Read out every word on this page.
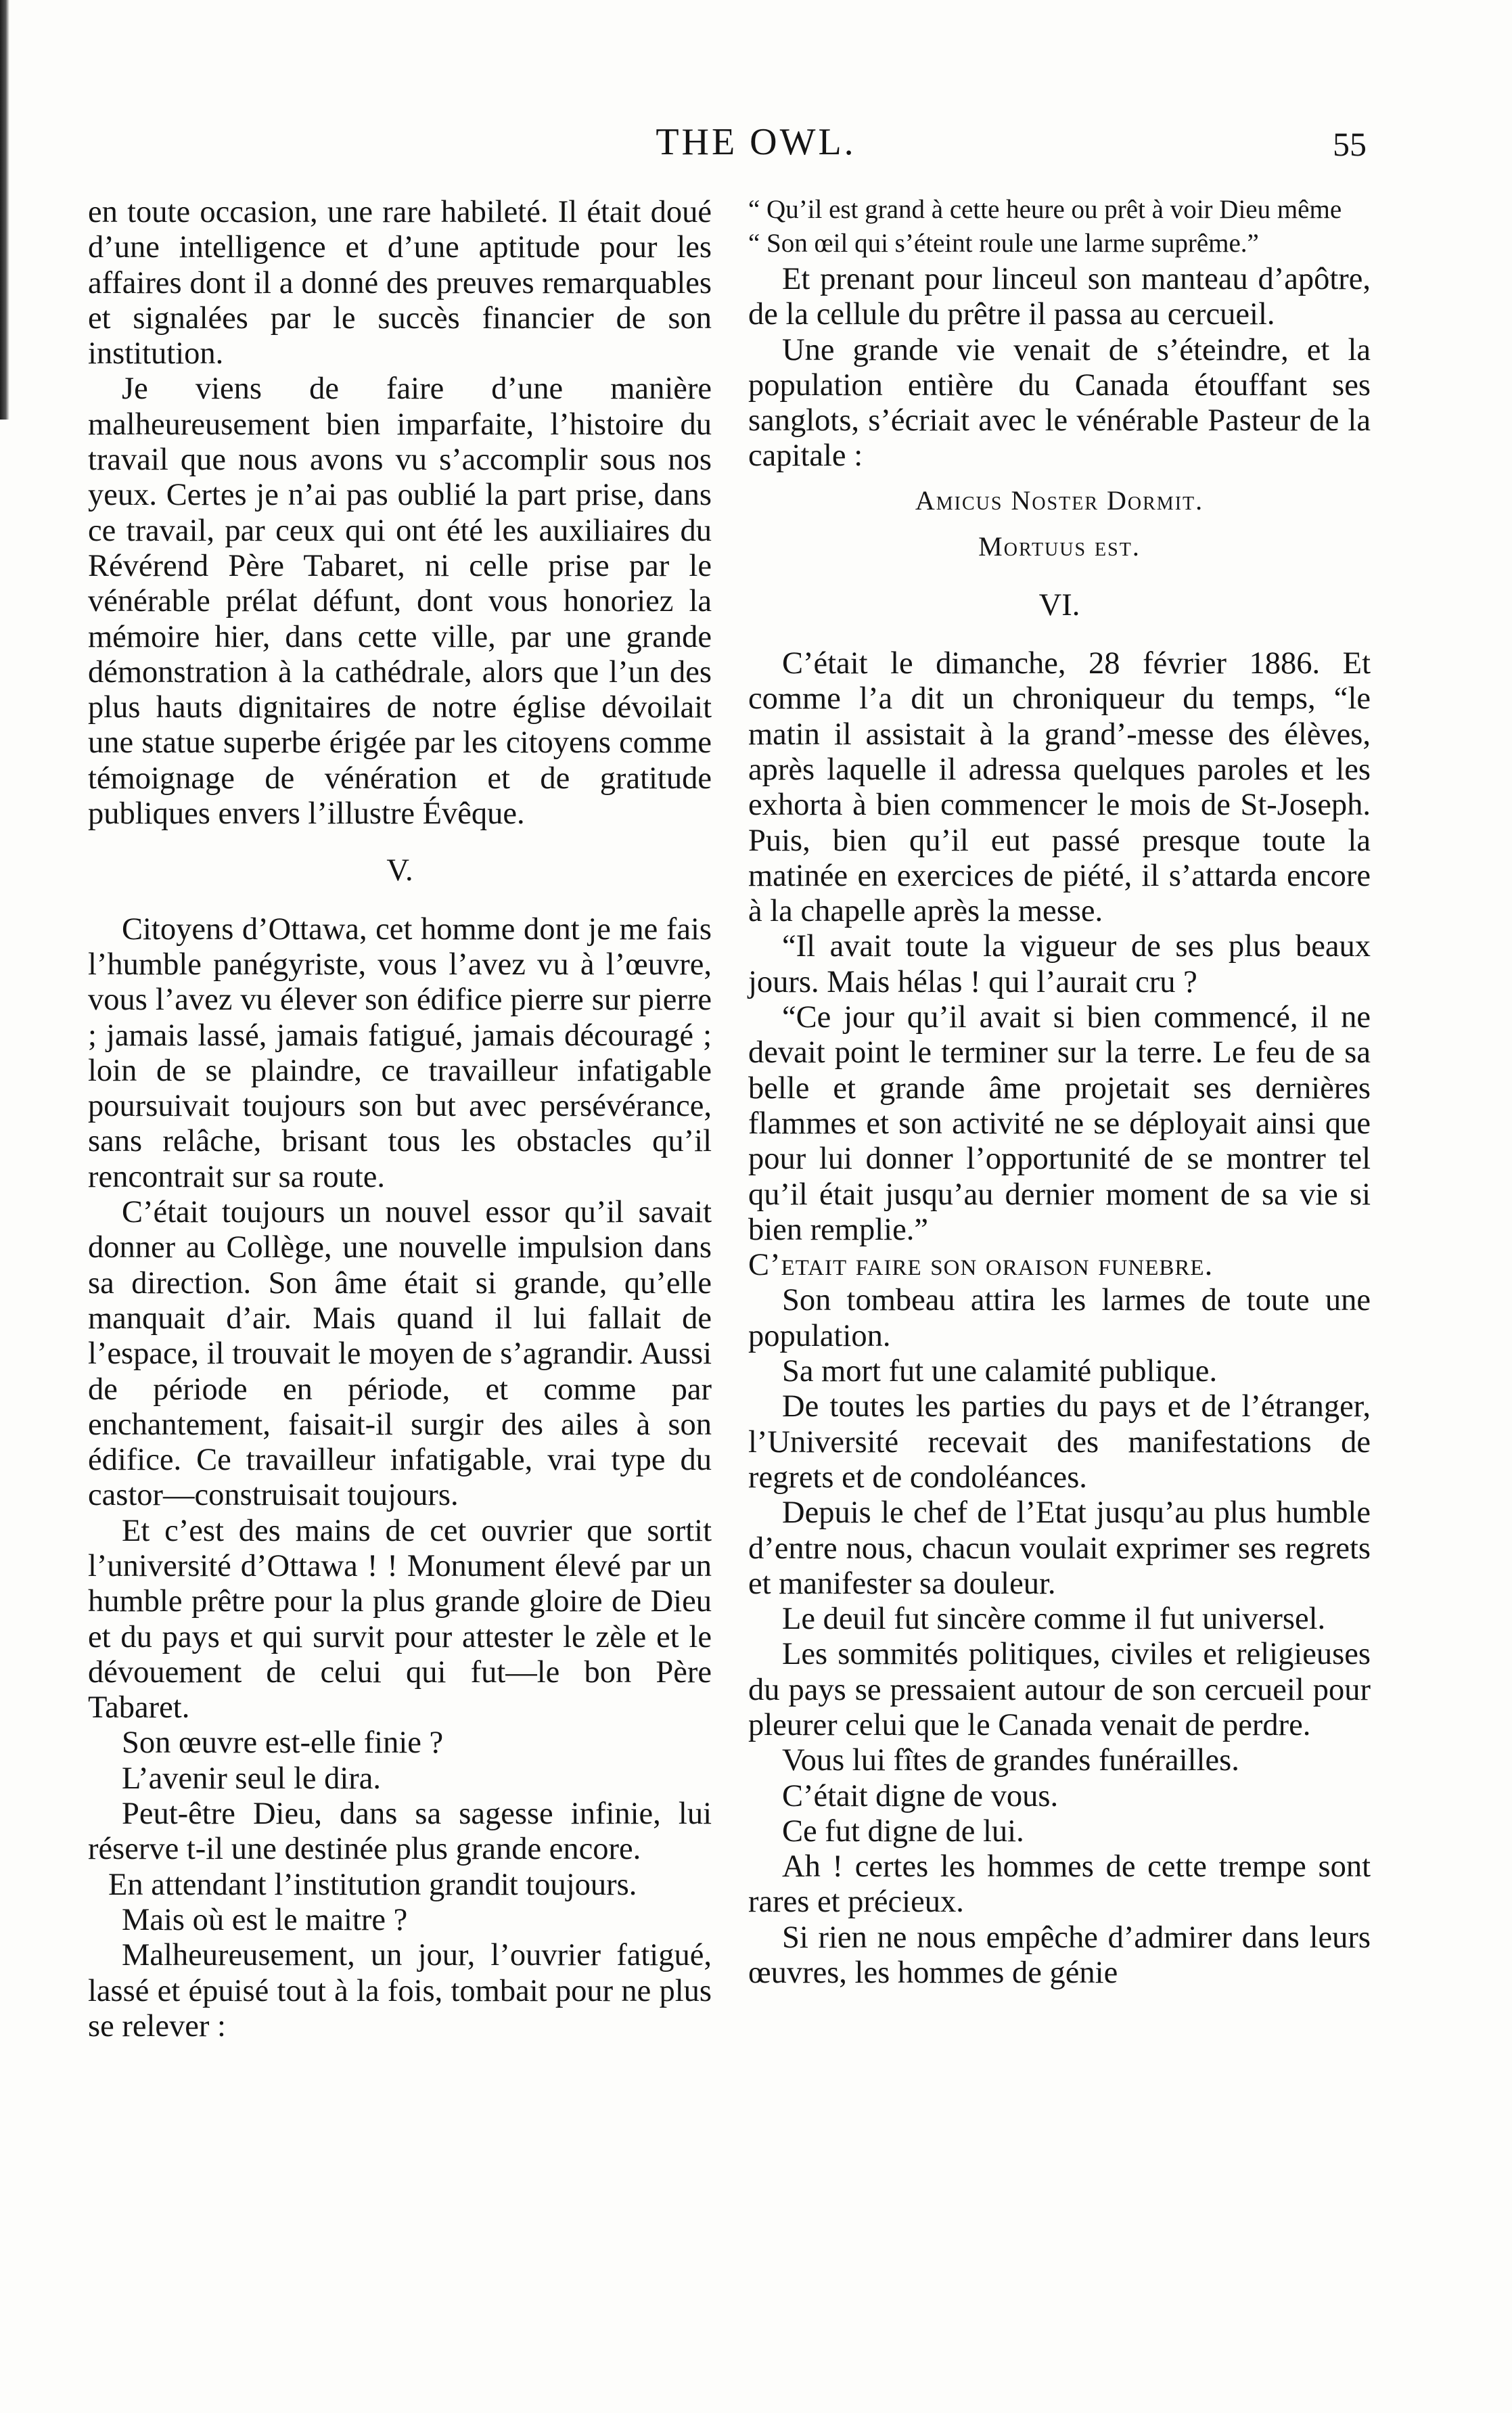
THE OWL.	55

en toute occasion, une rare habileté. Il était doué d’une intelligence et d’une aptitude pour les affaires dont il a donné des preuves remarquables et signalées par le succès financier de son institution.

Je viens de faire d’une manière malheureusement bien imparfaite, l’histoire du travail que nous avons vu s’accomplir sous nos yeux. Certes je n’ai pas oublié la part prise, dans ce travail, par ceux qui ont été les auxiliaires du Révérend Père Tabaret, ni celle prise par le vénérable prélat défunt, dont vous honoriez la mémoire hier, dans cette ville, par une grande démonstration à la cathédrale, alors que l’un des plus hauts dignitaires de notre église dévoilait une statue superbe érigée par les citoyens comme témoignage de vénération et de gratitude publiques envers l’illustre Évêque.

V.

Citoyens d’Ottawa, cet homme dont je me fais l’humble panégyriste, vous l’avez vu à l’œuvre, vous l’avez vu élever son édifice pierre sur pierre ; jamais lassé, jamais fatigué, jamais découragé ; loin de se plaindre, ce travailleur infatigable poursuivait toujours son but avec persévérance, sans relâche, brisant tous les obstacles qu’il rencontrait sur sa route.

C’était toujours un nouvel essor qu’il savait donner au Collège, une nouvelle impulsion dans sa direction. Son âme était si grande, qu’elle manquait d’air. Mais quand il lui fallait de l’espace, il trouvait le moyen de s’agrandir. Aussi de période en période, et comme par enchantement, faisait-il surgir des ailes à son édifice. Ce travailleur infatigable, vrai type du castor—construisait toujours.

Et c’est des mains de cet ouvrier que sortit l’université d’Ottawa ! ! Monument élevé par un humble prêtre pour la plus grande gloire de Dieu et du pays et qui survit pour attester le zèle et le dévouement de celui qui fut—le bon Père Tabaret.

Son œuvre est-elle finie ?

L’avenir seul le dira.

Peut-être Dieu, dans sa sagesse infinie, lui réserve t-il une destinée plus grande encore.

En attendant l’institution grandit toujours.

Mais où est le maitre ?

Malheureusement, un jour, l’ouvrier fatigué, lassé et épuisé tout à la fois, tombait pour ne plus se relever :

“ Qu’il est grand à cette heure ou prêt à voir Dieu même
“ Son œil qui s’éteint roule une larme suprême.”

Et prenant pour linceul son manteau d’apôtre, de la cellule du prêtre il passa au cercueil.

Une grande vie venait de s’éteindre, et la population entière du Canada étouffant ses sanglots, s’écriait avec le vénérable Pasteur de la capitale :

Amicus Noster Dormit.
Mortuus est.
VI.

C’était le dimanche, 28 février 1886. Et comme l’a dit un chroniqueur du temps, “le matin il assistait à la grand’-messe des élèves, après laquelle il adressa quelques paroles et les exhorta à bien commencer le mois de St-Joseph. Puis, bien qu’il eut passé presque toute la matinée en exercices de piété, il s’attarda encore à la chapelle après la messe.

“Il avait toute la vigueur de ses plus beaux jours. Mais hélas ! qui l’aurait cru ?

“Ce jour qu’il avait si bien commencé, il ne devait point le terminer sur la terre. Le feu de sa belle et grande âme projetait ses dernières flammes et son activité ne se déployait ainsi que pour lui donner l’opportunité de se montrer tel qu’il était jusqu’au dernier moment de sa vie si bien remplie.”

C’etait faire son oraison funebre.

Son tombeau attira les larmes de toute une population.

Sa mort fut une calamité publique.

De toutes les parties du pays et de l’étranger, l’Université recevait des manifestations de regrets et de condoléances.

Depuis le chef de l’Etat jusqu’au plus humble d’entre nous, chacun voulait exprimer ses regrets et manifester sa douleur.

Le deuil fut sincère comme il fut universel.

Les sommités politiques, civiles et religieuses du pays se pressaient autour de son cercueil pour pleurer celui que le Canada venait de perdre.

Vous lui fîtes de grandes funérailles.

C’était digne de vous.

Ce fut digne de lui.

Ah ! certes les hommes de cette trempe sont rares et précieux.

Si rien ne nous empêche d’admirer dans leurs œuvres, les hommes de génie
